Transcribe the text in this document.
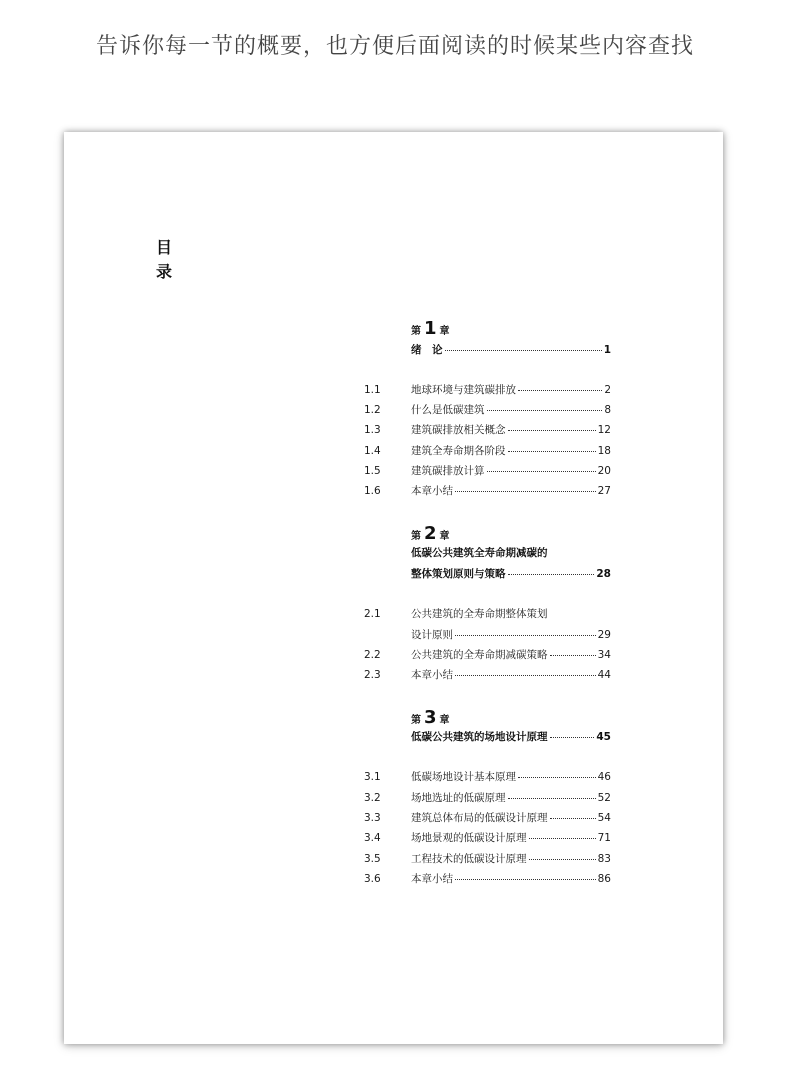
告诉你每一节的概要，也方便后面阅读的时候某些内容查找
目
录
第 1 章
绪　论	1
1.1	地球环境与建筑碳排放	2
1.2	什么是低碳建筑	8
1.3	建筑碳排放相关概念	12
1.4	建筑全寿命期各阶段	18
1.5	建筑碳排放计算	20
1.6	本章小结	27
第 2 章
低碳公共建筑全寿命期减碳的
整体策划原则与策略	28
2.1	公共建筑的全寿命期整体策划
设计原则	29
2.2	公共建筑的全寿命期减碳策略	34
2.3	本章小结	44
第 3 章
低碳公共建筑的场地设计原理	45
3.1	低碳场地设计基本原理	46
3.2	场地选址的低碳原理	52
3.3	建筑总体布局的低碳设计原理	54
3.4	场地景观的低碳设计原理	71
3.5	工程技术的低碳设计原理	83
3.6	本章小结	86
